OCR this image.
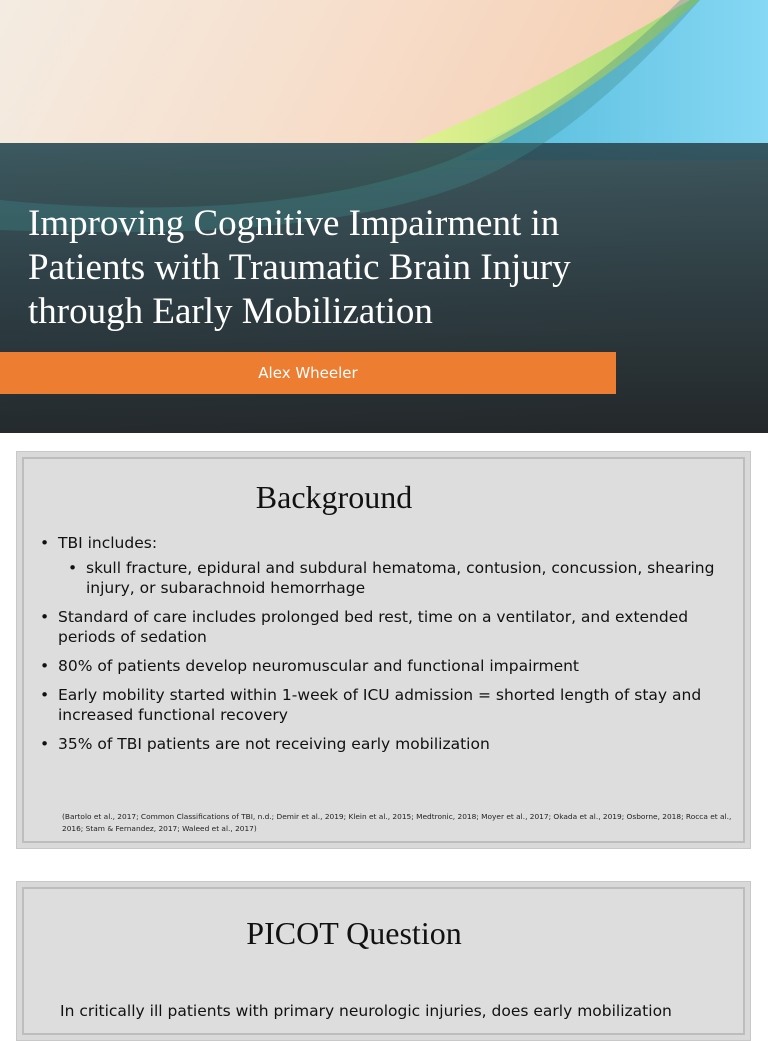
Improving Cognitive Impairment in Patients with Traumatic Brain Injury through Early Mobilization
Alex Wheeler
Background
• TBI includes:
• skull fracture, epidural and subdural hematoma, contusion, concussion, shearing injury, or subarachnoid hemorrhage
• Standard of care includes prolonged bed rest, time on a ventilator, and extended periods of sedation
• 80% of patients develop neuromuscular and functional impairment
• Early mobility started within 1-week of ICU admission = shorted length of stay and increased functional recovery
• 35% of TBI patients are not receiving early mobilization
(Bartolo et al., 2017; Common Classifications of TBI, n.d.; Demir et al., 2019; Klein et al., 2015; Medtronic, 2018; Moyer et al., 2017; Okada et al., 2019; Osborne, 2018; Rocca et al., 2016; Stam & Fernandez, 2017; Waleed et al., 2017)
PICOT Question
In critically ill patients with primary neurologic injuries, does early mobilization
